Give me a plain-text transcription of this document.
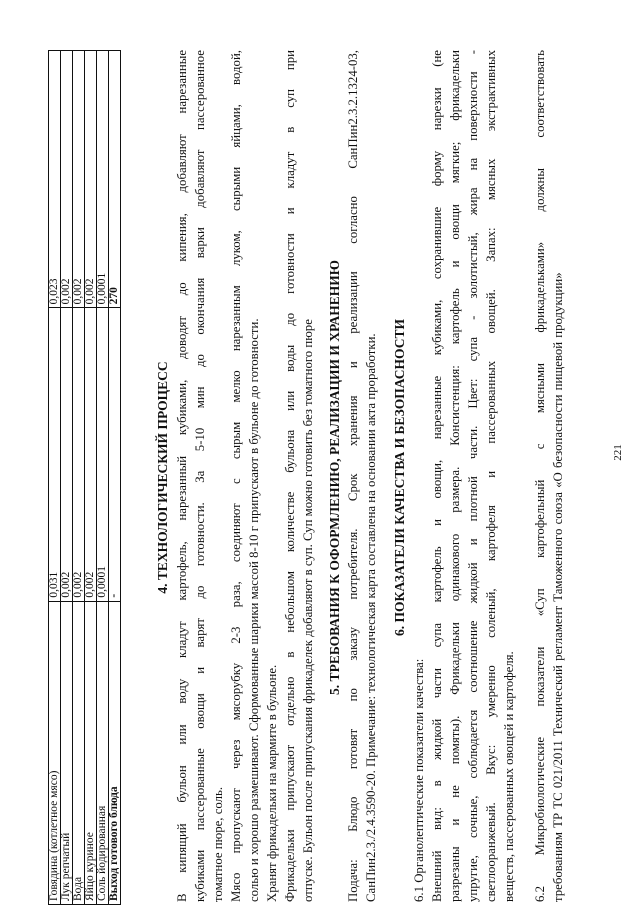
Говядина (котлетное мясо)	0,031	0,023
Лук репчатый	0,002	0,002
Вода	0,002	0,002
Яйцо куриное	0,002	0,002
Соль йодированная	0,0001	0,0001
Выход готового блюда	-	270
4. ТЕХНОЛОГИЧЕСКИЙ ПРОЦЕСС В кипящий бульон или воду кладут картофель, нарезанный кубиками, доводят до кипения, добавляют нарезанные кубиками пассерованные овощи и варят до готовности. За 5-10 мин до окончания варки добавляют пассерованное томатное пюре, соль. Мясо пропускают через мясорубку 2-3 раза, соединяют с сырым мелко нарезанным луком, сырыми яйцами, водой, солью и хорошо размешивают. Сформованные шарики массой 8-10 г припускают в бульоне до готовности. Хранят фрикадельки на мармите в бульоне. Фрикадельки припускают отдельно в небольшом количестве бульона или воды до готовности и кладут в суп при отпуске. Бульон после припускания фрикаделек добавляют в суп. Суп можно готовить без томатного пюре 5. ТРЕБОВАНИЯ К ОФОРМЛЕНИЮ, РЕАЛИЗАЦИИ И ХРАНЕНИЮ Подача: Блюдо готовят по заказу потребителя. Срок хранения и реализации согласно СанПин2.3.2.1324-03, СанПин2.3./2.4.3590-20. Примечание: технологическая карта составлена на основании акта проработки. 6. ПОКАЗАТЕЛИ КАЧЕСТВА И БЕЗОПАСНОСТИ
6.1 Органолептические показатели качества: Внешний вид: в жидкой части супа картофель и овощи, нарезанные кубиками, сохранившие форму нарезки (не разрезаны и не помяты). Фрикадельки одинакового размера. Консистенция: картофель и овощи мягкие; фрикадельки упругие, сочные, соблюдается соотношение жидкой и плотной части. Цвет: супа - золотистый, жира на поверхности - светлооранжевый. Вкус: умеренно соленый, картофеля и пассерованных овощей. Запах: мясных экстрактивных веществ, пассерованных овощей и картофеля. 6.2 Микробиологические показатели «Суп картофельный с мясными фрикадельками» должны соответствовать требованиям ТР ТС 021/2011 Технический регламент Таможенного союза «О безопасности пищевой продукции»	221
